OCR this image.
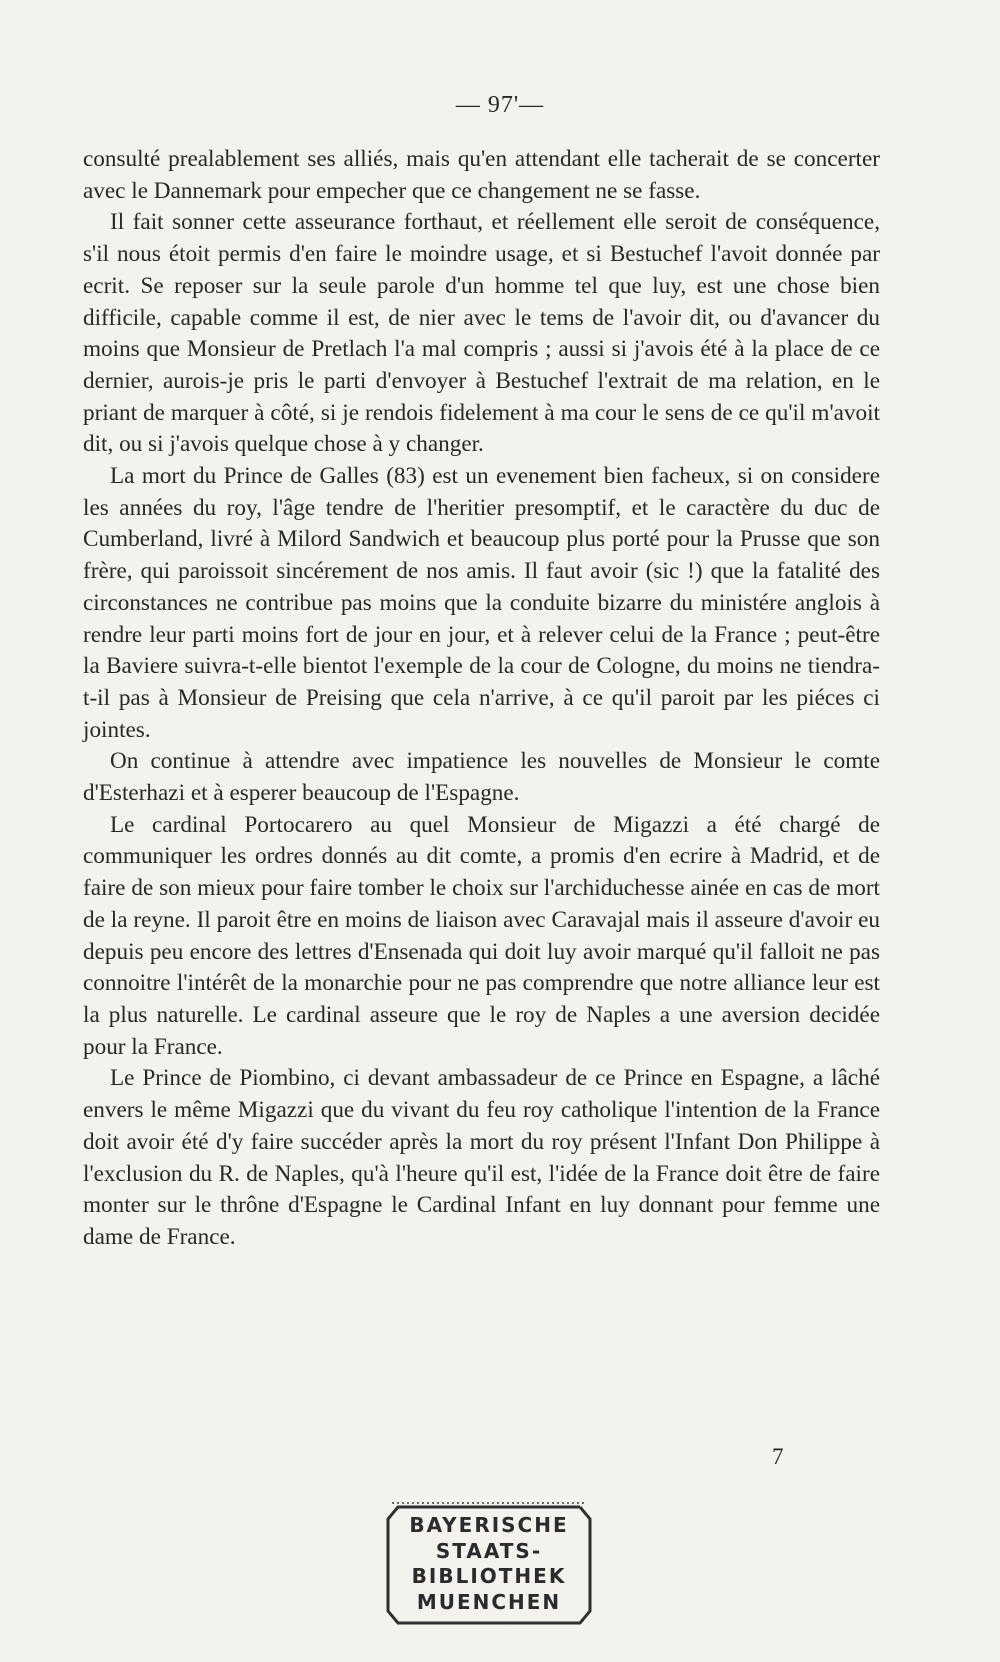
— 97'—

consulté prealablement ses alliés, mais qu'en attendant elle tacherait de se concerter avec le Dannemark pour empecher que ce changement ne se fasse.

Il fait sonner cette asseurance forthaut, et réellement elle seroit de conséquence, s'il nous étoit permis d'en faire le moindre usage, et si Bestuchef l'avoit donnée par ecrit. Se reposer sur la seule parole d'un homme tel que luy, est une chose bien difficile, capable comme il est, de nier avec le tems de l'avoir dit, ou d'avancer du moins que Monsieur de Pretlach l'a mal compris ; aussi si j'avois été à la place de ce dernier, aurois-je pris le parti d'envoyer à Bestuchef l'extrait de ma relation, en le priant de marquer à côté, si je rendois fidelement à ma cour le sens de ce qu'il m'avoit dit, ou si j'avois quelque chose à y changer.

La mort du Prince de Galles (83) est un evenement bien facheux, si on considere les années du roy, l'âge tendre de l'heritier presomptif, et le caractère du duc de Cumberland, livré à Milord Sandwich et beaucoup plus porté pour la Prusse que son frère, qui paroissoit sincérement de nos amis. Il faut avoir (sic !) que la fatalité des circonstances ne contribue pas moins que la conduite bizarre du ministére anglois à rendre leur parti moins fort de jour en jour, et à relever celui de la France ; peut-être la Baviere suivra-t-elle bientot l'exemple de la cour de Cologne, du moins ne tiendra-t-il pas à Monsieur de Preising que cela n'arrive, à ce qu'il paroit par les piéces ci jointes.

On continue à attendre avec impatience les nouvelles de Monsieur le comte d'Esterhazi et à esperer beaucoup de l'Espagne.

Le cardinal Portocarero au quel Monsieur de Migazzi a été chargé de communiquer les ordres donnés au dit comte, a promis d'en ecrire à Madrid, et de faire de son mieux pour faire tomber le choix sur l'archiduchesse ainée en cas de mort de la reyne. Il paroit être en moins de liaison avec Caravajal mais il asseure d'avoir eu depuis peu encore des lettres d'Ensenada qui doit luy avoir marqué qu'il falloit ne pas connoitre l'intérêt de la monarchie pour ne pas comprendre que notre alliance leur est la plus naturelle. Le cardinal asseure que le roy de Naples a une aversion decidée pour la France.

Le Prince de Piombino, ci devant ambassadeur de ce Prince en Espagne, a lâché envers le même Migazzi que du vivant du feu roy catholique l'intention de la France doit avoir été d'y faire succéder après la mort du roy présent l'Infant Don Philippe à l'exclusion du R. de Naples, qu'à l'heure qu'il est, l'idée de la France doit être de faire monter sur le thrône d'Espagne le Cardinal Infant en luy donnant pour femme une dame de France.

7
BAYERISCHE
STAATS-
BIBLIOTHEK
MUENCHEN
